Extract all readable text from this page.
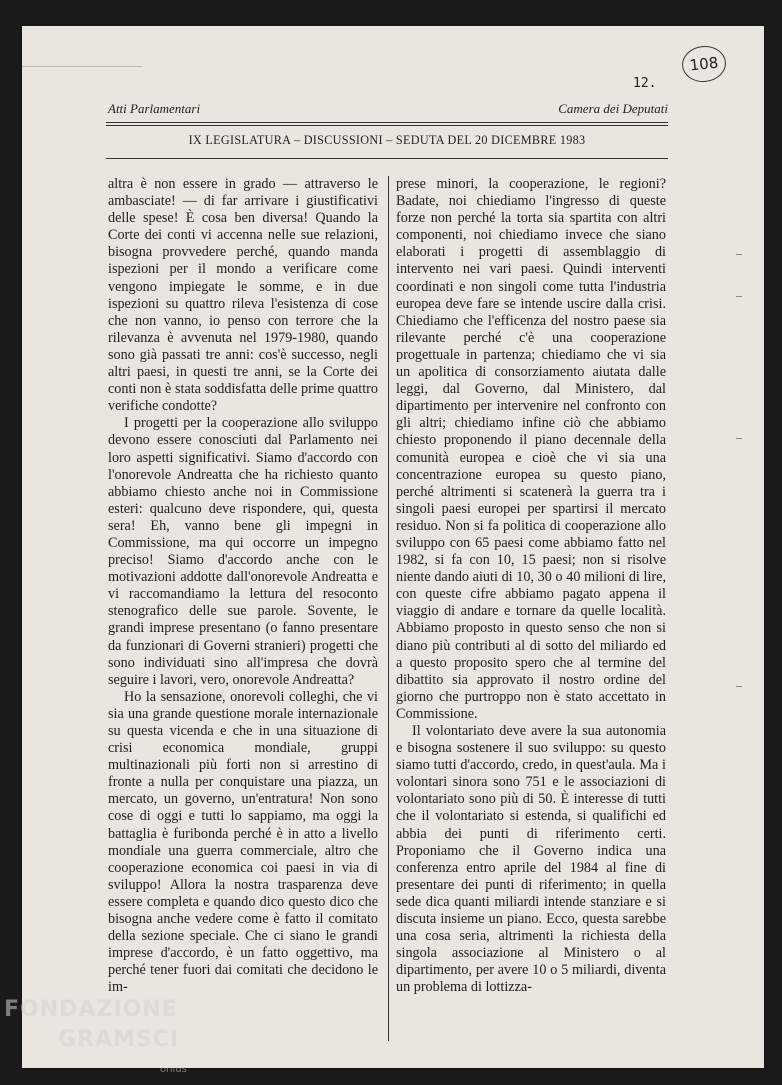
108
12.
Atti Parlamentari	Camera dei Deputati
IX LEGISLATURA – DISCUSSIONI – SEDUTA DEL 20 DICEMBRE 1983

altra è non essere in grado — attraverso le ambasciate! — di far arrivare i giustificativi delle spese! È cosa ben diversa! Quando la Corte dei conti vi accenna nelle sue relazioni, bisogna provvedere perché, quando manda ispezioni per il mondo a verificare come vengono impiegate le somme, e in due ispezioni su quattro rileva l'esistenza di cose che non vanno, io penso con terrore che la rilevanza è avvenuta nel 1979-1980, quando sono già passati tre anni: cos'è successo, negli altri paesi, in questi tre anni, se la Corte dei conti non è stata soddisfatta delle prime quattro verifiche condotte?

I progetti per la cooperazione allo sviluppo devono essere conosciuti dal Parlamento nei loro aspetti significativi. Siamo d'accordo con l'onorevole Andreatta che ha richiesto quanto abbiamo chiesto anche noi in Commissione esteri: qualcuno deve rispondere, qui, questa sera! Eh, vanno bene gli impegni in Commissione, ma qui occorre un impegno preciso! Siamo d'accordo anche con le motivazioni addotte dall'onorevole Andreatta e vi raccomandiamo la lettura del resoconto stenografico delle sue parole. Sovente, le grandi imprese presentano (o fanno presentare da funzionari di Governi stranieri) progetti che sono individuati sino all'impresa che dovrà seguire i lavori, vero, onorevole Andreatta?

Ho la sensazione, onorevoli colleghi, che vi sia una grande questione morale internazionale su questa vicenda e che in una situazione di crisi economica mondiale, gruppi multinazionali più forti non si arrestino di fronte a nulla per conquistare una piazza, un mercato, un governo, un'entratura! Non sono cose di oggi e tutti lo sappiamo, ma oggi la battaglia è furibonda perché è in atto a livello mondiale una guerra commerciale, altro che cooperazione economica coi paesi in via di sviluppo! Allora la nostra trasparenza deve essere completa e quando dico questo dico che bisogna anche vedere come è fatto il comitato della sezione speciale. Che ci siano le grandi imprese d'accordo, è un fatto oggettivo, ma perché tener fuori dai comitati che decidono le im-

prese minori, la cooperazione, le regioni? Badate, noi chiediamo l'ingresso di queste forze non perché la torta sia spartita con altri componenti, noi chiediamo invece che siano elaborati i progetti di assemblaggio di intervento nei vari paesi. Quindi interventi coordinati e non singoli come tutta l'industria europea deve fare se intende uscire dalla crisi. Chiediamo che l'efficenza del nostro paese sia rilevante perché c'è una cooperazione progettuale in partenza; chiediamo che vi sia un apolitica di consorziamento aiutata dalle leggi, dal Governo, dal Ministero, dal dipartimento per intervenire nel confronto con gli altri; chiediamo infine ciò che abbiamo chiesto proponendo il piano decennale della comunità europea e cioè che vi sia una concentrazione europea su questo piano, perché altrimenti si scatenerà la guerra tra i singoli paesi europei per spartirsi il mercato residuo. Non si fa politica di cooperazione allo sviluppo con 65 paesi come abbiamo fatto nel 1982, si fa con 10, 15 paesi; non si risolve niente dando aiuti di 10, 30 o 40 milioni di lire, con queste cifre abbiamo pagato appena il viaggio di andare e tornare da quelle località. Abbiamo proposto in questo senso che non si diano più contributi al di sotto del miliardo ed a questo proposito spero che al termine del dibattito sia approvato il nostro ordine del giorno che purtroppo non è stato accettato in Commissione.

Il volontariato deve avere la sua autonomia e bisogna sostenere il suo sviluppo: su questo siamo tutti d'accordo, credo, in quest'aula. Ma i volontari sinora sono 751 e le associazioni di volontariato sono più di 50. È interesse di tutti che il volontariato si estenda, si qualifichi ed abbia dei punti di riferimento certi. Proponiamo che il Governo indica una conferenza entro aprile del 1984 al fine di presentare dei punti di riferimento; in quella sede dica quanti miliardi intende stanziare e si discuta insieme un piano. Ecco, questa sarebbe una cosa seria, altrimenti la richiesta della singola associazione al Ministero o al dipartimento, per avere 10 o 5 miliardi, diventa un problema di lottizza-

FONDAZIONE
GRAMSCI
onlus
